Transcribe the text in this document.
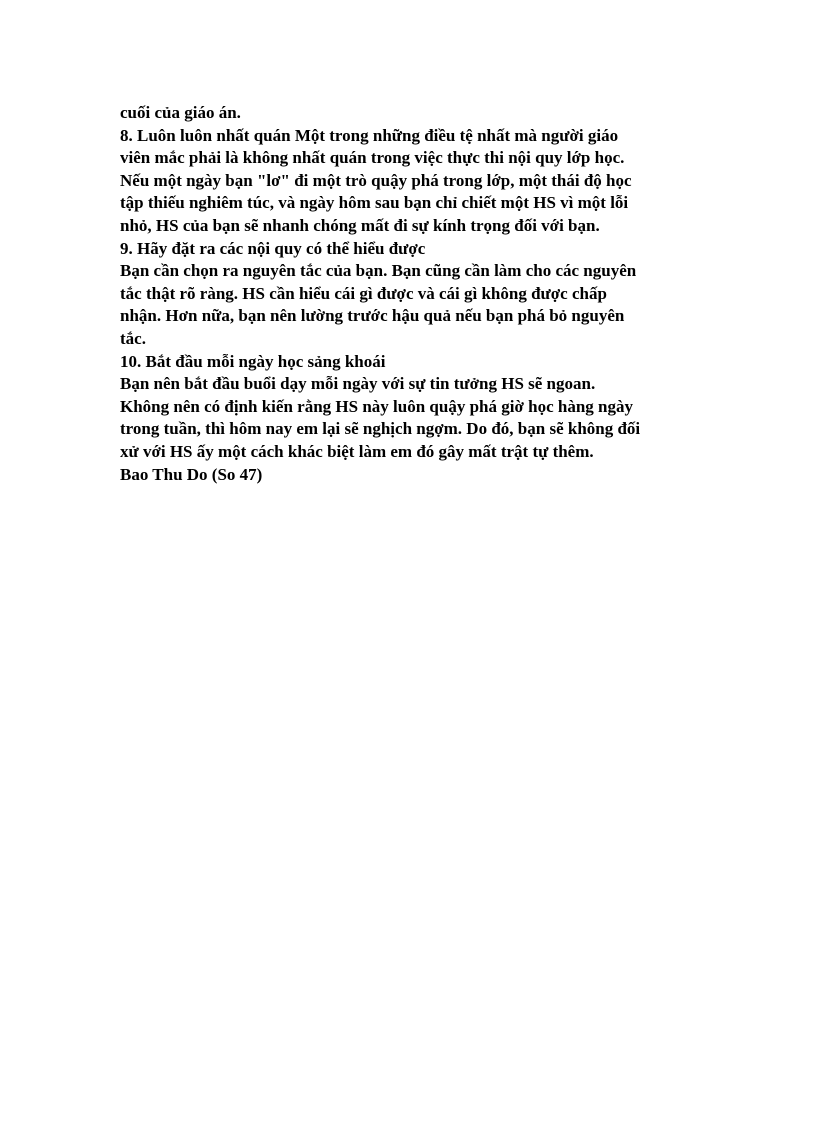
cuối của giáo án.
8. Luôn luôn nhất quán Một trong những điều tệ nhất mà người giáo
viên mắc phải là không nhất quán trong việc thực thi nội quy lớp học.
Nếu một ngày bạn "lơ" đi một trò quậy phá trong lớp, một thái độ học
tập thiếu nghiêm túc, và ngày hôm sau bạn chỉ chiết một HS vì một lỗi
nhỏ, HS của bạn sẽ nhanh chóng mất đi sự kính trọng đối với bạn.
9. Hãy đặt ra các nội quy có thể hiểu được
Bạn cần chọn ra nguyên tắc của bạn. Bạn cũng cần làm cho các nguyên
tắc thật rõ ràng. HS cần hiểu cái gì được và cái gì không được chấp
nhận. Hơn nữa, bạn nên lường trước hậu quả nếu bạn phá bỏ nguyên
tắc.
10. Bắt đầu mỗi ngày học sảng khoái
Bạn nên bắt đầu buổi dạy mỗi ngày với sự tin tưởng HS sẽ ngoan.
Không nên có định kiến rằng HS này luôn quậy phá giờ học hàng ngày
trong tuần, thì hôm nay em lại sẽ nghịch ngợm. Do đó, bạn sẽ không đối
xử với HS ấy một cách khác biệt làm em đó gây mất trật tự thêm.
Bao Thu Do (So 47)
